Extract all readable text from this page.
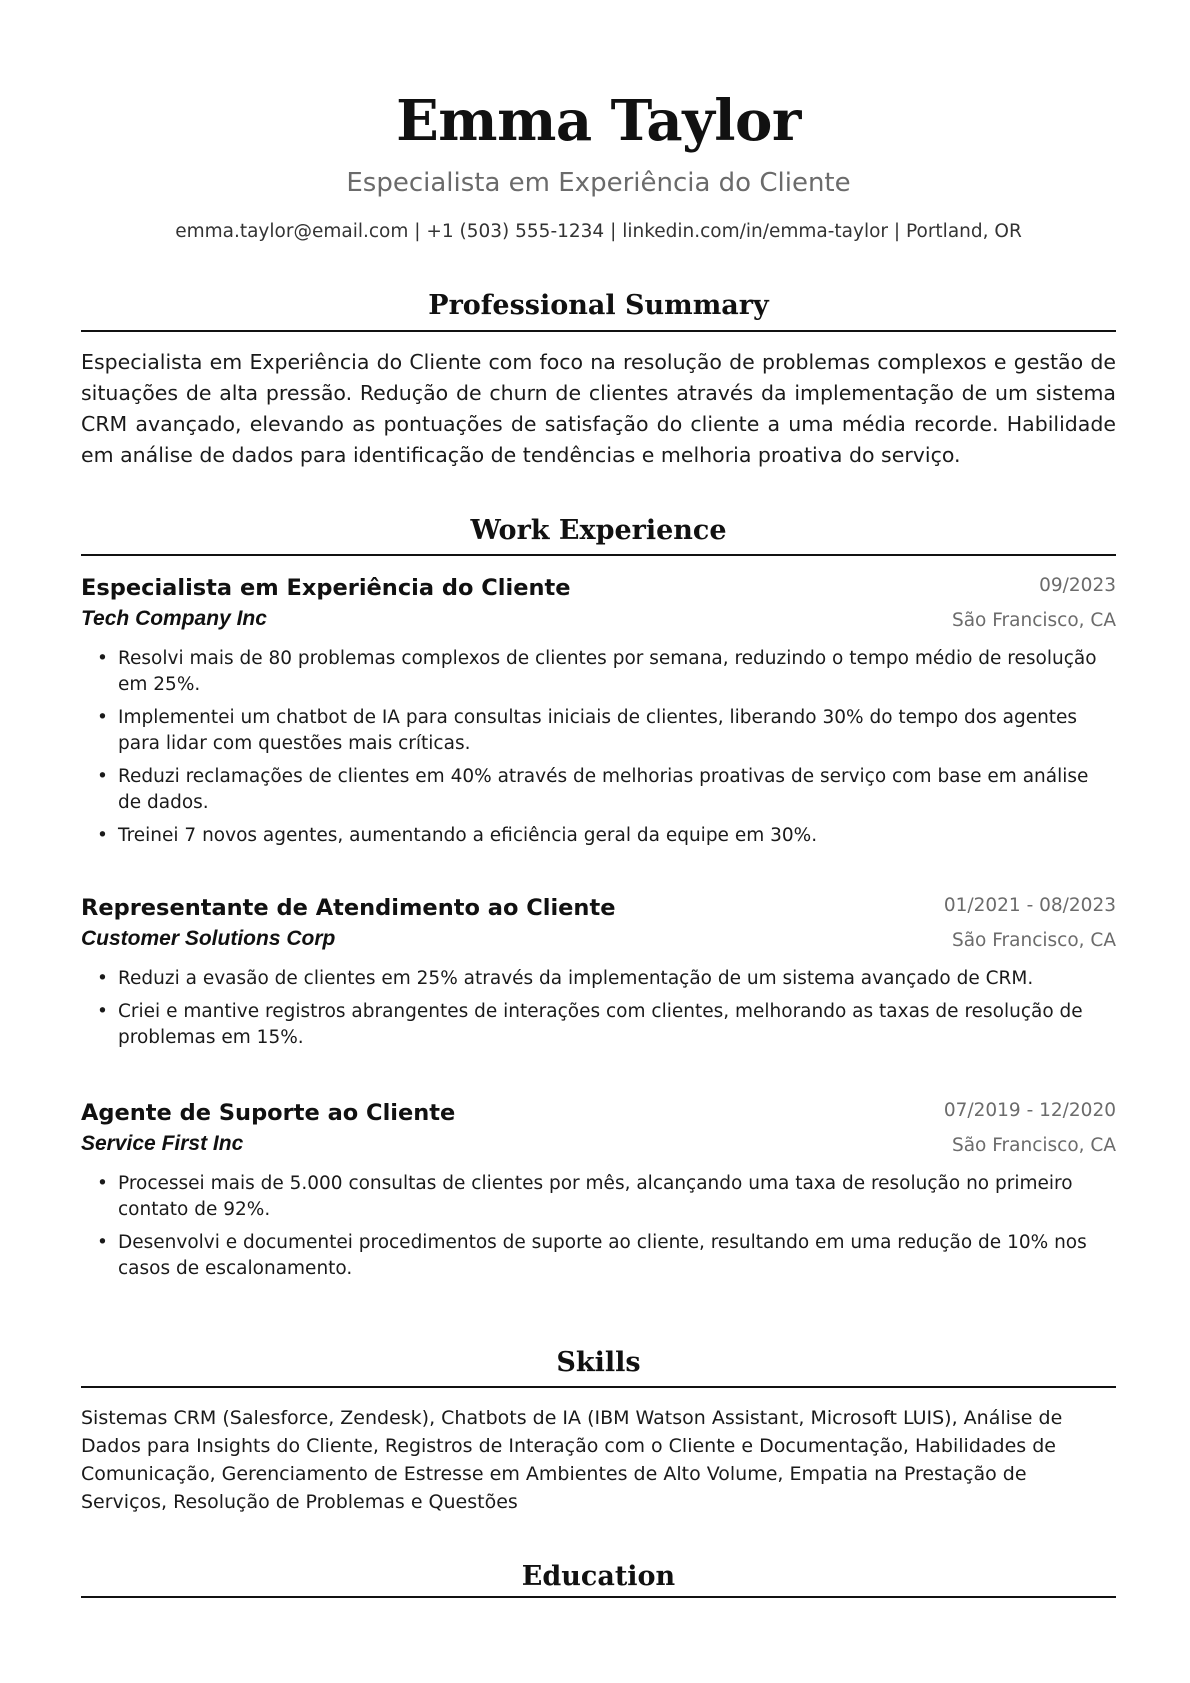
Emma Taylor
Especialista em Experiência do Cliente
emma.taylor@email.com | +1 (503) 555-1234 | linkedin.com/in/emma-taylor | Portland, OR
Professional Summary

Especialista em Experiência do Cliente com foco na resolução de problemas complexos e gestão de situações de alta pressão. Redução de churn de clientes através da implementação de um sistema CRM avançado, elevando as pontuações de satisfação do cliente a uma média recorde. Habilidade em análise de dados para identificação de tendências e melhoria proativa do serviço.

Work Experience
Especialista em Experiência do Cliente	09/2023
Tech Company Inc	São Francisco, CA
• Resolvi mais de 80 problemas complexos de clientes por semana, reduzindo o tempo médio de resolução em 25%.
• Implementei um chatbot de IA para consultas iniciais de clientes, liberando 30% do tempo dos agentes para lidar com questões mais críticas.
• Reduzi reclamações de clientes em 40% através de melhorias proativas de serviço com base em análise de dados.
• Treinei 7 novos agentes, aumentando a eficiência geral da equipe em 30%.
Representante de Atendimento ao Cliente	01/2021 - 08/2023
Customer Solutions Corp	São Francisco, CA
• Reduzi a evasão de clientes em 25% através da implementação de um sistema avançado de CRM.
• Criei e mantive registros abrangentes de interações com clientes, melhorando as taxas de resolução de problemas em 15%.
Agente de Suporte ao Cliente	07/2019 - 12/2020
Service First Inc	São Francisco, CA
• Processei mais de 5.000 consultas de clientes por mês, alcançando uma taxa de resolução no primeiro contato de 92%.
• Desenvolvi e documentei procedimentos de suporte ao cliente, resultando em uma redução de 10% nos casos de escalonamento.
Skills

Sistemas CRM (Salesforce, Zendesk), Chatbots de IA (IBM Watson Assistant, Microsoft LUIS), Análise de Dados para Insights do Cliente, Registros de Interação com o Cliente e Documentação, Habilidades de Comunicação, Gerenciamento de Estresse em Ambientes de Alto Volume, Empatia na Prestação de Serviços, Resolução de Problemas e Questões

Education
